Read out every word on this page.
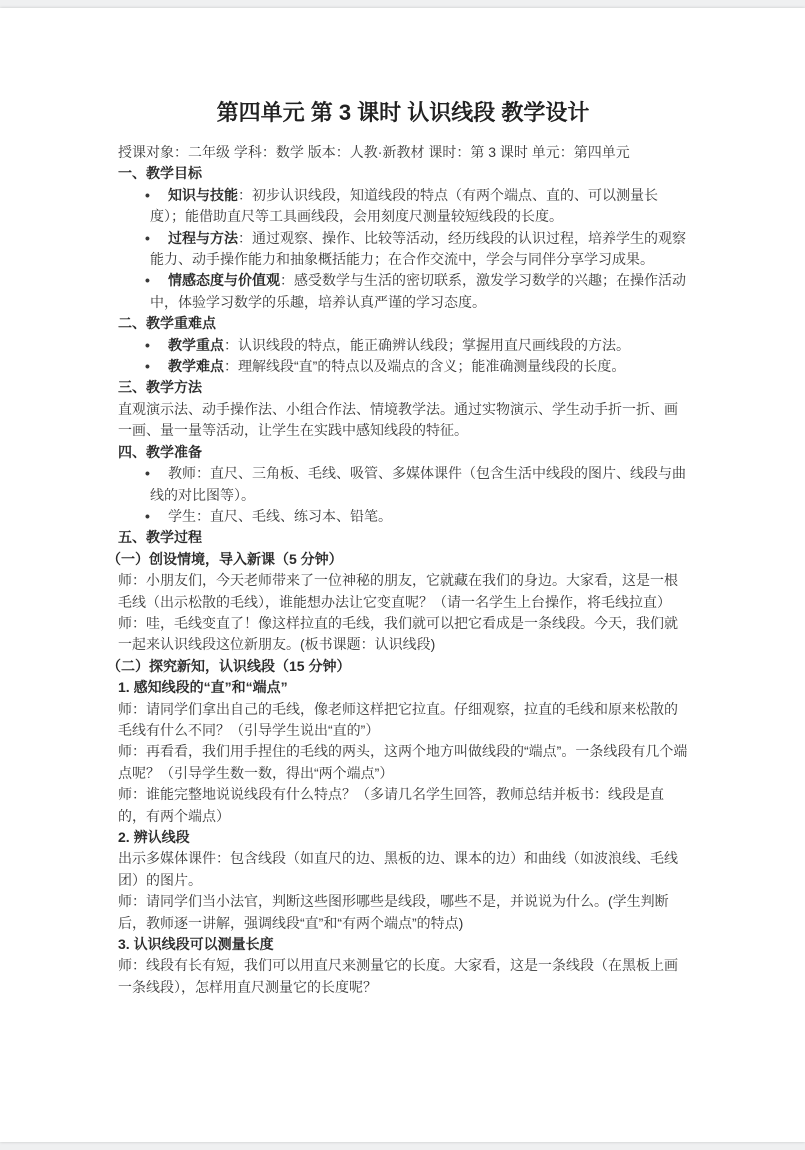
第四单元 第 3 课时 认识线段 教学设计

授课对象：二年级 学科：数学 版本：人教·新教材 课时：第 3 课时 单元：第四单元

一、教学目标

• 知识与技能：初步认识线段，知道线段的特点（有两个端点、直的、可以测量长度）；能借助直尺等工具画线段，会用刻度尺测量较短线段的长度。
• 过程与方法：通过观察、操作、比较等活动，经历线段的认识过程，培养学生的观察能力、动手操作能力和抽象概括能力；在合作交流中，学会与同伴分享学习成果。
• 情感态度与价值观：感受数学与生活的密切联系，激发学习数学的兴趣；在操作活动中，体验学习数学的乐趣，培养认真严谨的学习态度。

二、教学重难点

• 教学重点：认识线段的特点，能正确辨认线段；掌握用直尺画线段的方法。
• 教学难点：理解线段“直”的特点以及端点的含义；能准确测量线段的长度。

三、教学方法

直观演示法、动手操作法、小组合作法、情境教学法。通过实物演示、学生动手折一折、画一画、量一量等活动，让学生在实践中感知线段的特征。

四、教学准备

• 教师：直尺、三角板、毛线、吸管、多媒体课件（包含生活中线段的图片、线段与曲线的对比图等）。
• 学生：直尺、毛线、练习本、铅笔。

五、教学过程

（一）创设情境，导入新课（5 分钟）

师：小朋友们，今天老师带来了一位神秘的朋友，它就藏在我们的身边。大家看，这是一根毛线（出示松散的毛线），谁能想办法让它变直呢？（请一名学生上台操作，将毛线拉直）

师：哇，毛线变直了！像这样拉直的毛线，我们就可以把它看成是一条线段。今天，我们就一起来认识线段这位新朋友。(板书课题：认识线段)

（二）探究新知，认识线段（15 分钟）

1. 感知线段的“直”和“端点”

师：请同学们拿出自己的毛线，像老师这样把它拉直。仔细观察，拉直的毛线和原来松散的毛线有什么不同？（引导学生说出“直的”）

师：再看看，我们用手捏住的毛线的两头，这两个地方叫做线段的“端点”。一条线段有几个端点呢？（引导学生数一数，得出“两个端点”）

师：谁能完整地说说线段有什么特点？（多请几名学生回答，教师总结并板书：线段是直的，有两个端点）

2. 辨认线段

出示多媒体课件：包含线段（如直尺的边、黑板的边、课本的边）和曲线（如波浪线、毛线团）的图片。

师：请同学们当小法官，判断这些图形哪些是线段，哪些不是，并说说为什么。(学生判断后，教师逐一讲解，强调线段“直”和“有两个端点”的特点)

3. 认识线段可以测量长度

师：线段有长有短，我们可以用直尺来测量它的长度。大家看，这是一条线段（在黑板上画一条线段），怎样用直尺测量它的长度呢？
